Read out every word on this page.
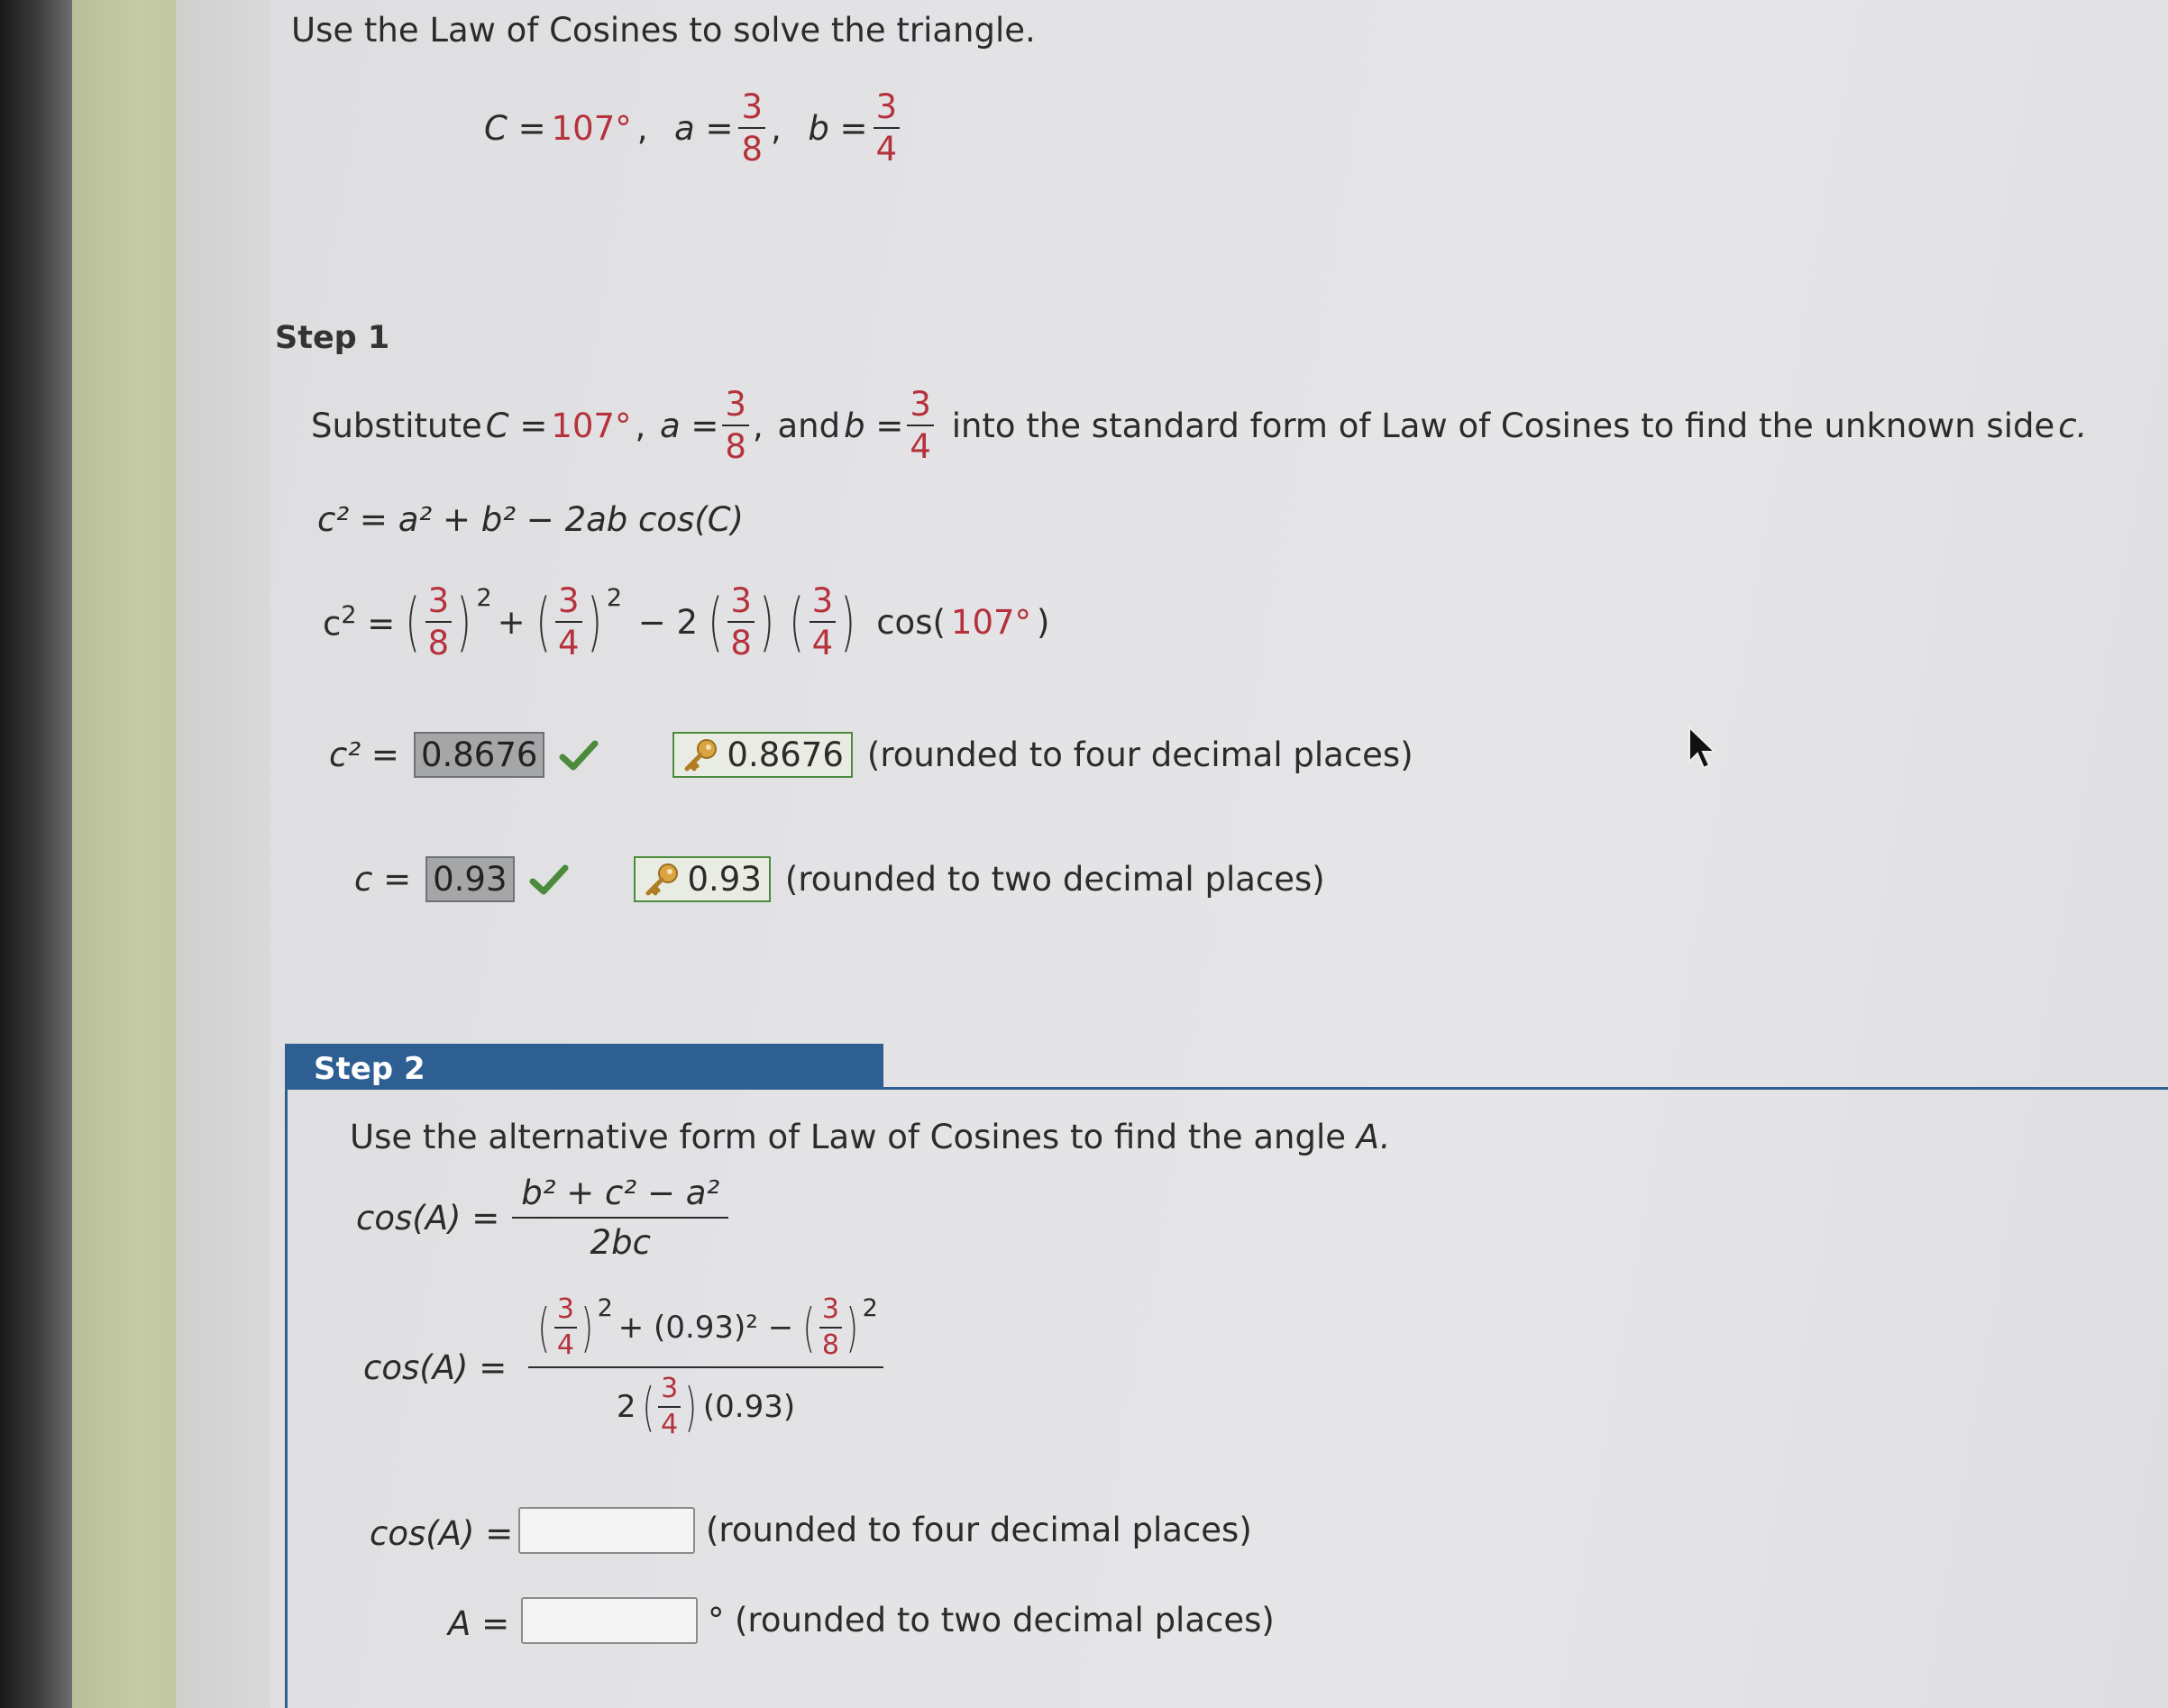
Use the Law of Cosines to solve the triangle.
C = 107° , $a = \frac{3}{8}$ , $b = \frac{3}{4}$
Step 1
Substitute C = 107° , $a = \frac{3}{8}$ , and $b = \frac{3}{4}$
into the standard form of Law of Cosines to find the unknown side c.
c² = a² + b² − 2ab cos(C)
$c^2$ = ( $\frac{3}{8}$ ) 2
+ ( $\frac{3}{4}$ ) 2
− 2 ( $\frac{3}{8}$ ) ( $\frac{3}{4}$ ) cos( 107° )
c² = 0.8676	0.8676 (rounded to four decimal places)
c = 0.93	0.93 (rounded to two decimal places)
Step 2
Use the alternative form of Law of Cosines to find the angle A.
$\cos(A) = \frac{\text{b² + c² − a²}}{2bc}$
cos(A) = ( $\frac{3}{4}$ ) 2
+ (0.93)² − ( $\frac{3}{8}$ ) 2
2 ( $\frac{3}{4}$ ) (0.93)
cos(A) =	(rounded to four decimal places)
A =	° (rounded to two decimal places)
